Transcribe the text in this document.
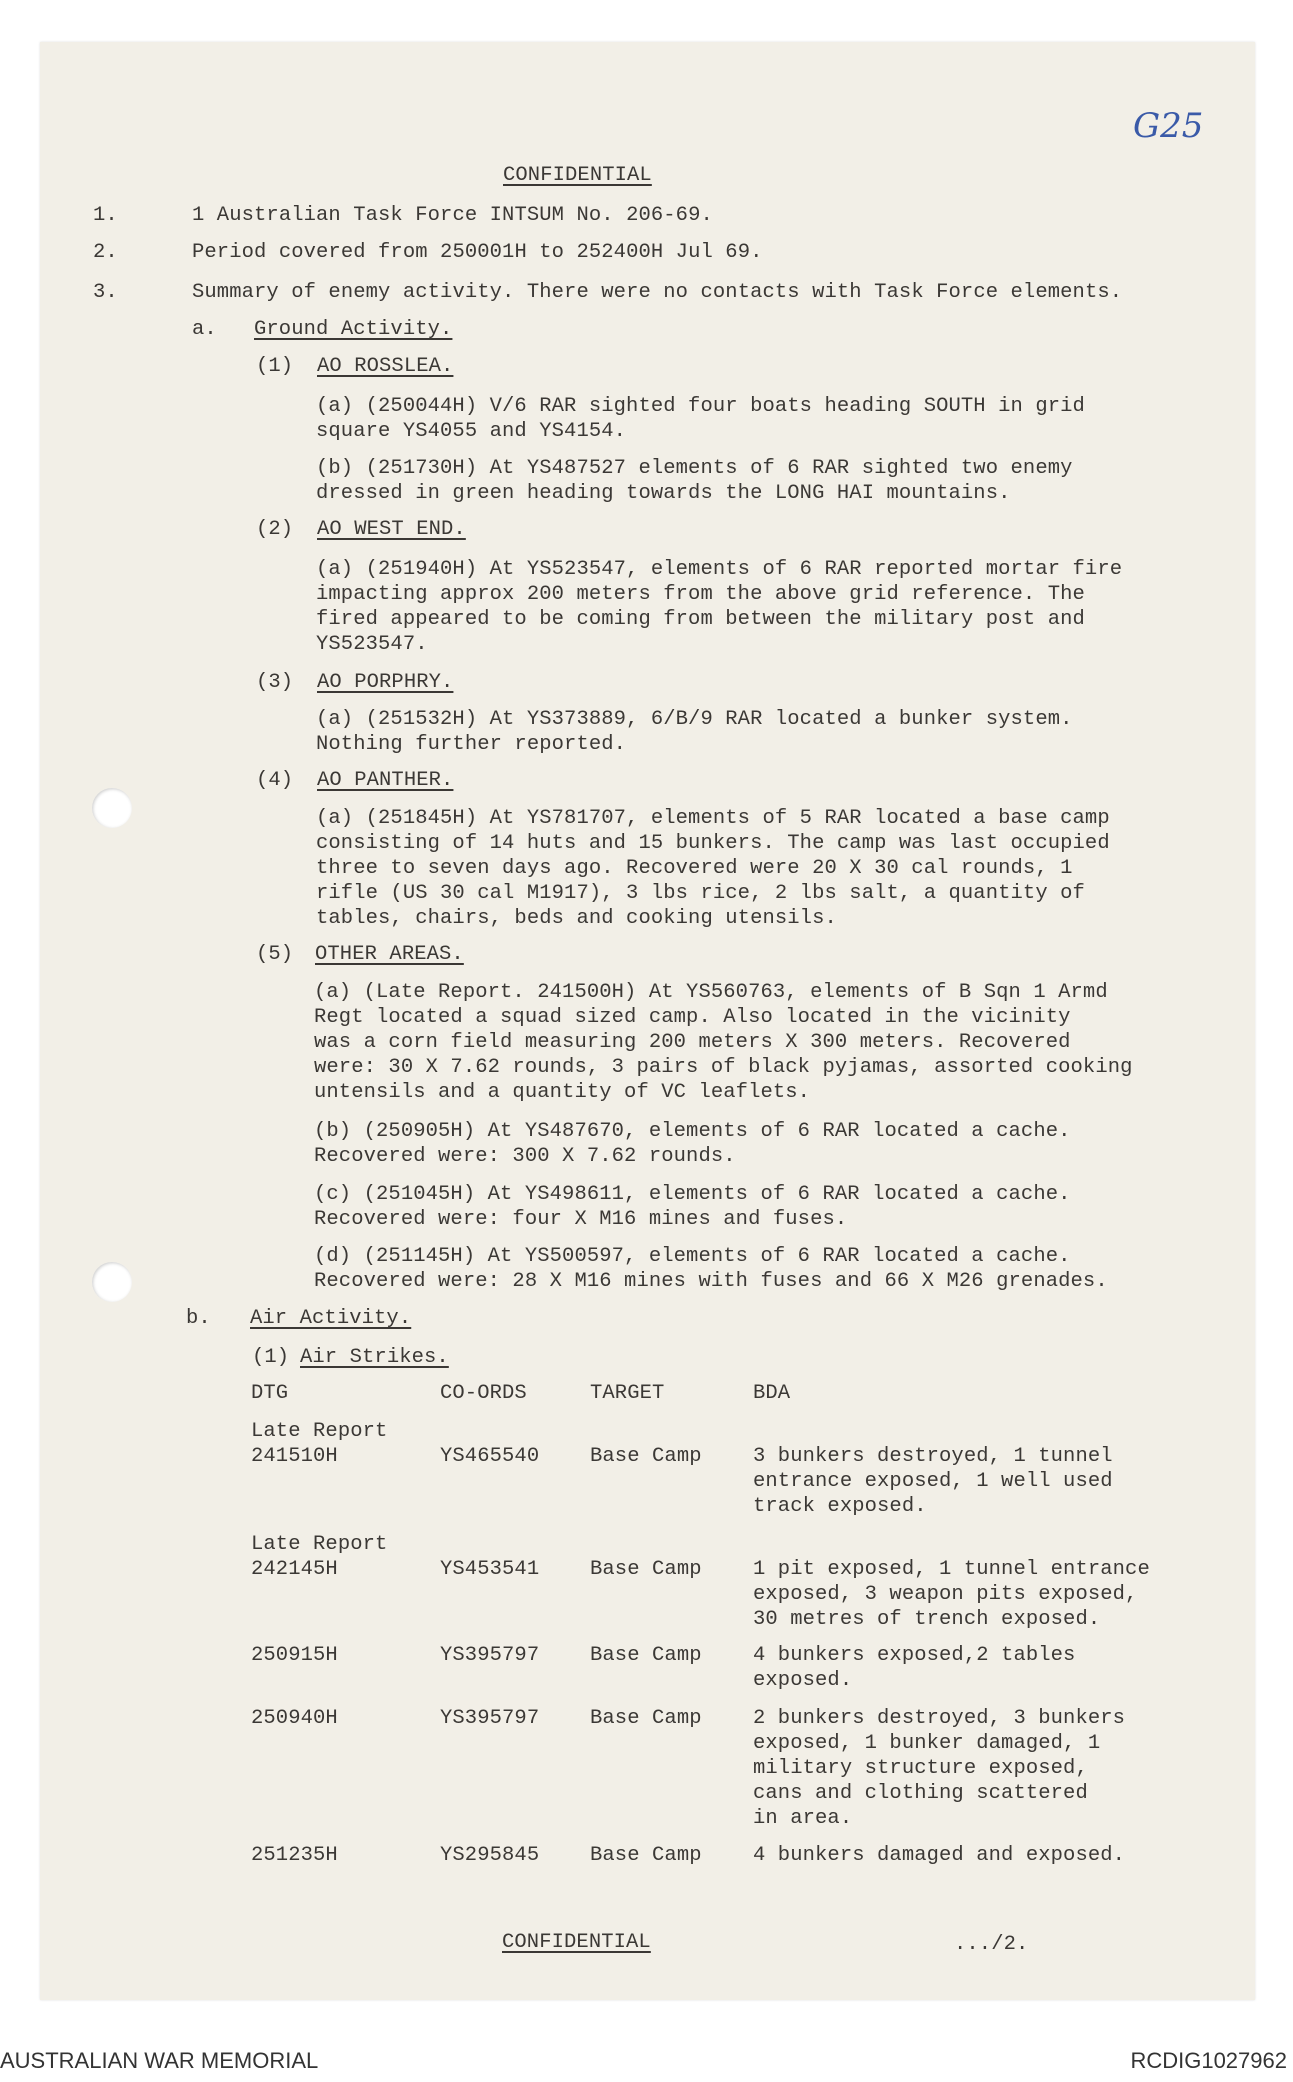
G25
CONFIDENTIAL
1.	1 Australian Task Force INTSUM No. 206-69.
2.	Period covered from 250001H to 252400H Jul 69.
3.	Summary of enemy activity. There were no contacts with Task Force elements.
a. Ground Activity.
(1) AO ROSSLEA.
(a) (250044H) V/6 RAR sighted four boats heading SOUTH in grid
square YS4055 and YS4154.
(b) (251730H) At YS487527 elements of 6 RAR sighted two enemy
dressed in green heading towards the LONG HAI mountains.
(2) AO WEST END.
(a) (251940H) At YS523547, elements of 6 RAR reported mortar fire
impacting approx 200 meters from the above grid reference. The
fired appeared to be coming from between the military post and
YS523547.
(3) AO PORPHRY.
(a) (251532H) At YS373889, 6/B/9 RAR located a bunker system.
Nothing further reported.
(4) AO PANTHER.
(a) (251845H) At YS781707, elements of 5 RAR located a base camp
consisting of 14 huts and 15 bunkers. The camp was last occupied
three to seven days ago. Recovered were 20 X 30 cal rounds, 1
rifle (US 30 cal M1917), 3 lbs rice, 2 lbs salt, a quantity of
tables, chairs, beds and cooking utensils.
(5) OTHER AREAS.
(a) (Late Report. 241500H) At YS560763, elements of B Sqn 1 Armd
Regt located a squad sized camp. Also located in the vicinity
was a corn field measuring 200 meters X 300 meters. Recovered
were: 30 X 7.62 rounds, 3 pairs of black pyjamas, assorted cooking
untensils and a quantity of VC leaflets.
(b) (250905H) At YS487670, elements of 6 RAR located a cache.
Recovered were: 300 X 7.62 rounds.
(c) (251045H) At YS498611, elements of 6 RAR located a cache.
Recovered were: four X M16 mines and fuses.
(d) (251145H) At YS500597, elements of 6 RAR located a cache.
Recovered were: 28 X M16 mines with fuses and 66 X M26 grenades.
b. Air Activity.
(1) Air Strikes.
DTG	CO-ORDS	TARGET	BDA
Late Report
241510H	YS465540 Base Camp	3 bunkers destroyed, 1 tunnel
entrance exposed, 1 well used
track exposed.
Late Report
242145H	YS453541 Base Camp	1 pit exposed, 1 tunnel entrance
exposed, 3 weapon pits exposed,
30 metres of trench exposed.
250915H	YS395797 Base Camp	4 bunkers exposed,2 tables
exposed.
250940H	YS395797 Base Camp	2 bunkers destroyed, 3 bunkers
exposed, 1 bunker damaged, 1
military structure exposed,
cans and clothing scattered
in area.
251235H	YS295845 Base Camp	4 bunkers damaged and exposed.
CONFIDENTIAL	.../2.
AUSTRALIAN WAR MEMORIAL	RCDIG1027962
